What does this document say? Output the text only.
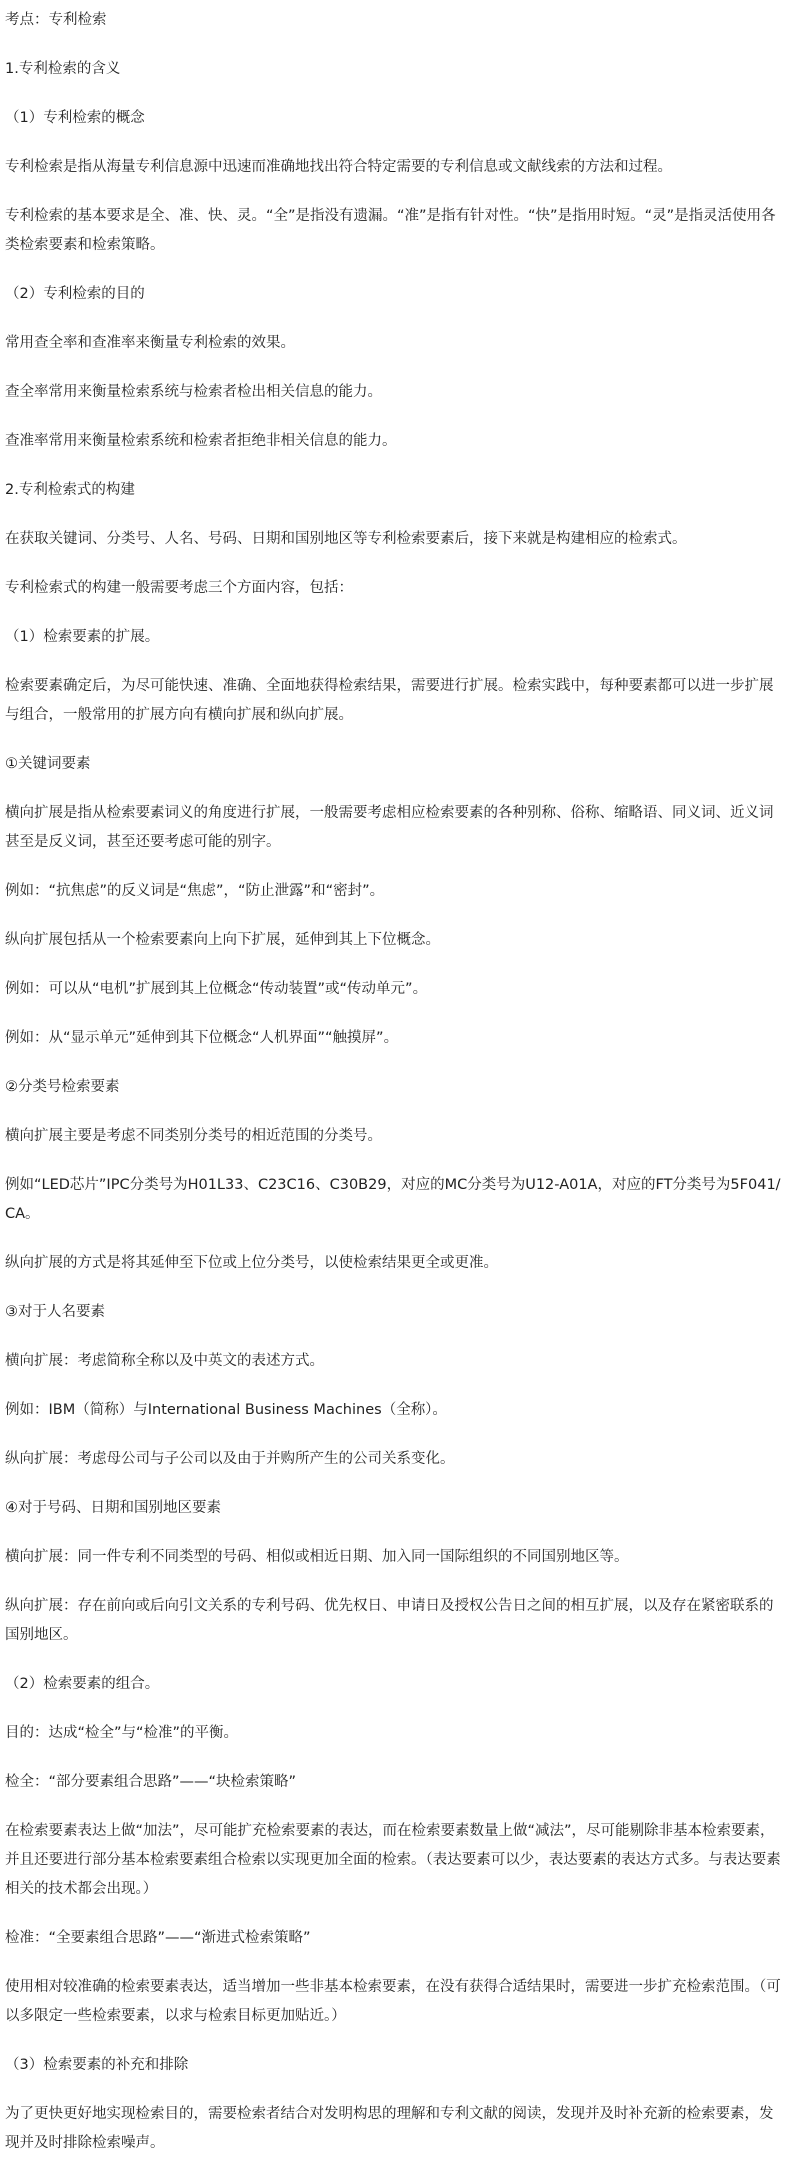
考点：专利检索

1.专利检索的含义

（1）专利检索的概念

专利检索是指从海量专利信息源中迅速而准确地找出符合特定需要的专利信息或文献线索的方法和过程。

专利检索的基本要求是全、准、快、灵。“全”是指没有遗漏。“准”是指有针对性。“快”是指用时短。“灵”是指灵活使用各类检索要素和检索策略。

（2）专利检索的目的

常用查全率和查准率来衡量专利检索的效果。

查全率常用来衡量检索系统与检索者检出相关信息的能力。

查准率常用来衡量检索系统和检索者拒绝非相关信息的能力。

2.专利检索式的构建

在获取关键词、分类号、人名、号码、日期和国别地区等专利检索要素后，接下来就是构建相应的检索式。

专利检索式的构建一般需要考虑三个方面内容，包括：

（1）检索要素的扩展。

检索要素确定后，为尽可能快速、准确、全面地获得检索结果，需要进行扩展。检索实践中，每种要素都可以进一步扩展与组合，一般常用的扩展方向有横向扩展和纵向扩展。

①关键词要素

横向扩展是指从检索要素词义的角度进行扩展，一般需要考虑相应检索要素的各种别称、俗称、缩略语、同义词、近义词甚至是反义词，甚至还要考虑可能的别字。

例如：“抗焦虑”的反义词是“焦虑”，“防止泄露”和“密封”。

纵向扩展包括从一个检索要素向上向下扩展，延伸到其上下位概念。

例如：可以从“电机”扩展到其上位概念“传动装置”或“传动单元”。

例如：从“显示单元”延伸到其下位概念“人机界面”“触摸屏”。

②分类号检索要素

横向扩展主要是考虑不同类别分类号的相近范围的分类号。

例如“LED芯片”IPC分类号为H01L33、C23C16、C30B29，对应的MC分类号为U12-A01A，对应的FT分类号为5F041/CA。

纵向扩展的方式是将其延伸至下位或上位分类号，以使检索结果更全或更准。

③对于人名要素

横向扩展：考虑简称全称以及中英文的表述方式。

例如：IBM（简称）与International Business Machines（全称）。

纵向扩展：考虑母公司与子公司以及由于并购所产生的公司关系变化。

④对于号码、日期和国别地区要素

横向扩展：同一件专利不同类型的号码、相似或相近日期、加入同一国际组织的不同国别地区等。

纵向扩展：存在前向或后向引文关系的专利号码、优先权日、申请日及授权公告日之间的相互扩展，以及存在紧密联系的国别地区。

（2）检索要素的组合。

目的：达成“检全”与“检准”的平衡。

检全：“部分要素组合思路”——“块检索策略”

在检索要素表达上做“加法”，尽可能扩充检索要素的表达，而在检索要素数量上做“减法”，尽可能剔除非基本检索要素，并且还要进行部分基本检索要素组合检索以实现更加全面的检索。（表达要素可以少，表达要素的表达方式多。与表达要素相关的技术都会出现。）

检准：“全要素组合思路”——“渐进式检索策略”

使用相对较准确的检索要素表达，适当增加一些非基本检索要素，在没有获得合适结果时，需要进一步扩充检索范围。（可以多限定一些检索要素，以求与检索目标更加贴近。）

（3）检索要素的补充和排除

为了更快更好地实现检索目的，需要检索者结合对发明构思的理解和专利文献的阅读，发现并及时补充新的检索要素，发现并及时排除检索噪声。
